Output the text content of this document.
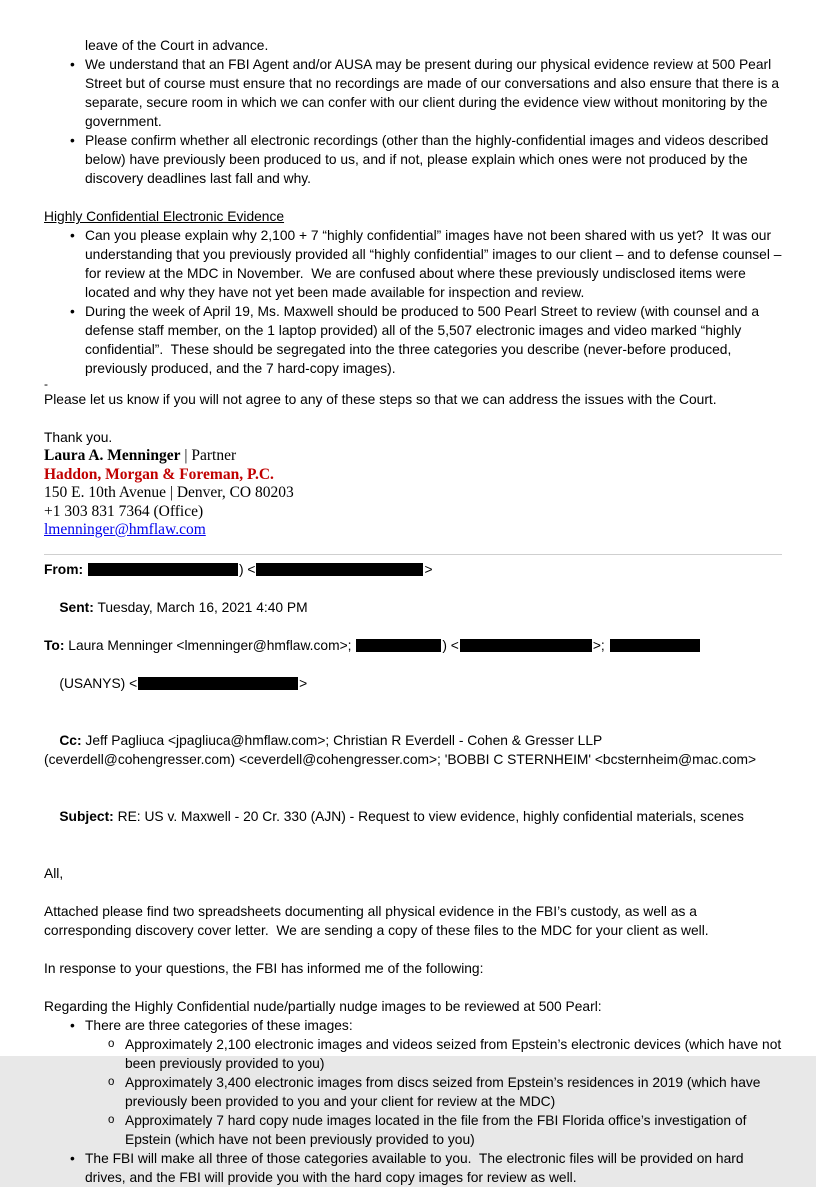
leave of the Court in advance.
• We understand that an FBI Agent and/or AUSA may be present during our physical evidence review at 500 Pearl Street but of course must ensure that no recordings are made of our conversations and also ensure that there is a separate, secure room in which we can confer with our client during the evidence view without monitoring by the government.
• Please confirm whether all electronic recordings (other than the highly-confidential images and videos described below) have previously been produced to us, and if not, please explain which ones were not produced by the discovery deadlines last fall and why.
Highly Confidential Electronic Evidence
• Can you please explain why 2,100 + 7 “highly confidential” images have not been shared with us yet?  It was our understanding that you previously provided all “highly confidential” images to our client – and to defense counsel – for review at the MDC in November.  We are confused about where these previously undisclosed items were located and why they have not yet been made available for inspection and review.
• During the week of April 19, Ms. Maxwell should be produced to 500 Pearl Street to review (with counsel and a defense staff member, on the 1 laptop provided) all of the 5,507 electronic images and video marked “highly confidential”.  These should be segregated into the three categories you describe (never-before produced, previously produced, and the 7 hard-copy images).
-
Please let us know if you will not agree to any of these steps so that we can address the issues with the Court.
Thank you.
Laura A. Menninger | Partner
Haddon, Morgan & Foreman, P.C.
150 E. 10th Avenue | Denver, CO 80203
+1 303 831 7364 (Office)
lmenninger@hmflaw.com
From:	) <	>

Sent: Tuesday, March 16, 2021 4:40 PM

To: Laura Menninger <lmenninger@hmflaw.com>;	) <	>;

(USANYS) <	>

Cc: Jeff Pagliuca <jpagliuca@hmflaw.com>; Christian R Everdell - Cohen & Gresser LLP (ceverdell@cohengresser.com) <ceverdell@cohengresser.com>; 'BOBBI C STERNHEIM' <bcsternheim@mac.com>

Subject: RE: US v. Maxwell - 20 Cr. 330 (AJN) - Request to view evidence, highly confidential materials, scenes

All,
Attached please find two spreadsheets documenting all physical evidence in the FBI’s custody, as well as a corresponding discovery cover letter.  We are sending a copy of these files to the MDC for your client as well.
In response to your questions, the FBI has informed me of the following:
Regarding the Highly Confidential nude/partially nudge images to be reviewed at 500 Pearl:
• There are three categories of these images:
o Approximately 2,100 electronic images and videos seized from Epstein’s electronic devices (which have not been previously provided to you)
o Approximately 3,400 electronic images from discs seized from Epstein’s residences in 2019 (which have previously been provided to you and your client for review at the MDC)
o Approximately 7 hard copy nude images located in the file from the FBI Florida office’s investigation of Epstein (which have not been previously provided to you)
• The FBI will make all three of those categories available to you.  The electronic files will be provided on hard drives, and the FBI will provide you with the hard copy images for review as well.
